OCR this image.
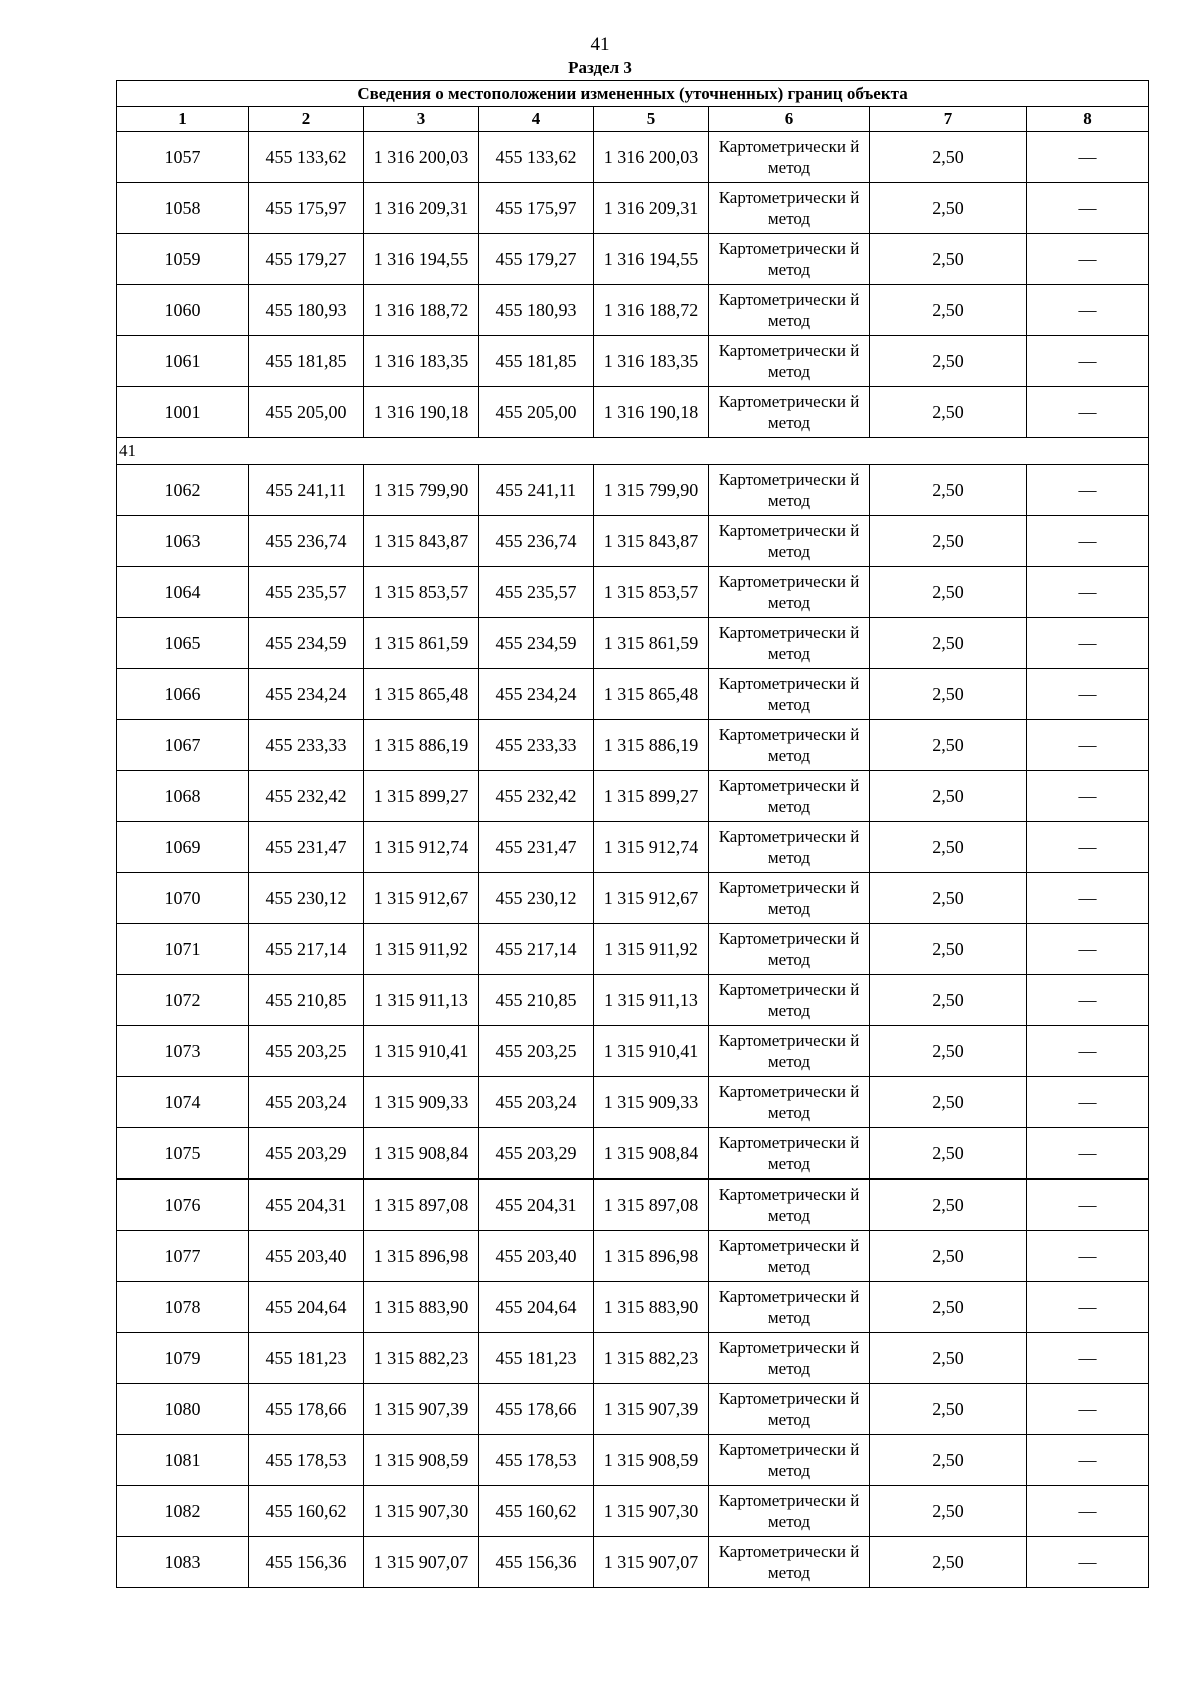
41
Раздел 3
Сведения о местоположении измененных (уточненных) границ объекта							
1	2	3	4	5	6	7	8
1057	455 133,62	1 316 200,03	455 133,62	1 316 200,03	Картометрически й метод	2,50	—
1058	455 175,97	1 316 209,31	455 175,97	1 316 209,31	Картометрически й метод	2,50	—
1059	455 179,27	1 316 194,55	455 179,27	1 316 194,55	Картометрически й метод	2,50	—
1060	455 180,93	1 316 188,72	455 180,93	1 316 188,72	Картометрически й метод	2,50	—
1061	455 181,85	1 316 183,35	455 181,85	1 316 183,35	Картометрически й метод	2,50	—
1001	455 205,00	1 316 190,18	455 205,00	1 316 190,18	Картометрически й метод	2,50	—
41							
1062	455 241,11	1 315 799,90	455 241,11	1 315 799,90	Картометрически й метод	2,50	—
1063	455 236,74	1 315 843,87	455 236,74	1 315 843,87	Картометрически й метод	2,50	—
1064	455 235,57	1 315 853,57	455 235,57	1 315 853,57	Картометрически й метод	2,50	—
1065	455 234,59	1 315 861,59	455 234,59	1 315 861,59	Картометрически й метод	2,50	—
1066	455 234,24	1 315 865,48	455 234,24	1 315 865,48	Картометрически й метод	2,50	—
1067	455 233,33	1 315 886,19	455 233,33	1 315 886,19	Картометрически й метод	2,50	—
1068	455 232,42	1 315 899,27	455 232,42	1 315 899,27	Картометрически й метод	2,50	—
1069	455 231,47	1 315 912,74	455 231,47	1 315 912,74	Картометрически й метод	2,50	—
1070	455 230,12	1 315 912,67	455 230,12	1 315 912,67	Картометрически й метод	2,50	—
1071	455 217,14	1 315 911,92	455 217,14	1 315 911,92	Картометрически й метод	2,50	—
1072	455 210,85	1 315 911,13	455 210,85	1 315 911,13	Картометрически й метод	2,50	—
1073	455 203,25	1 315 910,41	455 203,25	1 315 910,41	Картометрически й метод	2,50	—
1074	455 203,24	1 315 909,33	455 203,24	1 315 909,33	Картометрически й метод	2,50	—
1075	455 203,29	1 315 908,84	455 203,29	1 315 908,84	Картометрически й метод	2,50	—
1076	455 204,31	1 315 897,08	455 204,31	1 315 897,08	Картометрически й метод	2,50	—
1077	455 203,40	1 315 896,98	455 203,40	1 315 896,98	Картометрически й метод	2,50	—
1078	455 204,64	1 315 883,90	455 204,64	1 315 883,90	Картометрически й метод	2,50	—
1079	455 181,23	1 315 882,23	455 181,23	1 315 882,23	Картометрически й метод	2,50	—
1080	455 178,66	1 315 907,39	455 178,66	1 315 907,39	Картометрически й метод	2,50	—
1081	455 178,53	1 315 908,59	455 178,53	1 315 908,59	Картометрически й метод	2,50	—
1082	455 160,62	1 315 907,30	455 160,62	1 315 907,30	Картометрически й метод	2,50	—
1083	455 156,36	1 315 907,07	455 156,36	1 315 907,07	Картометрически й метод	2,50	—
